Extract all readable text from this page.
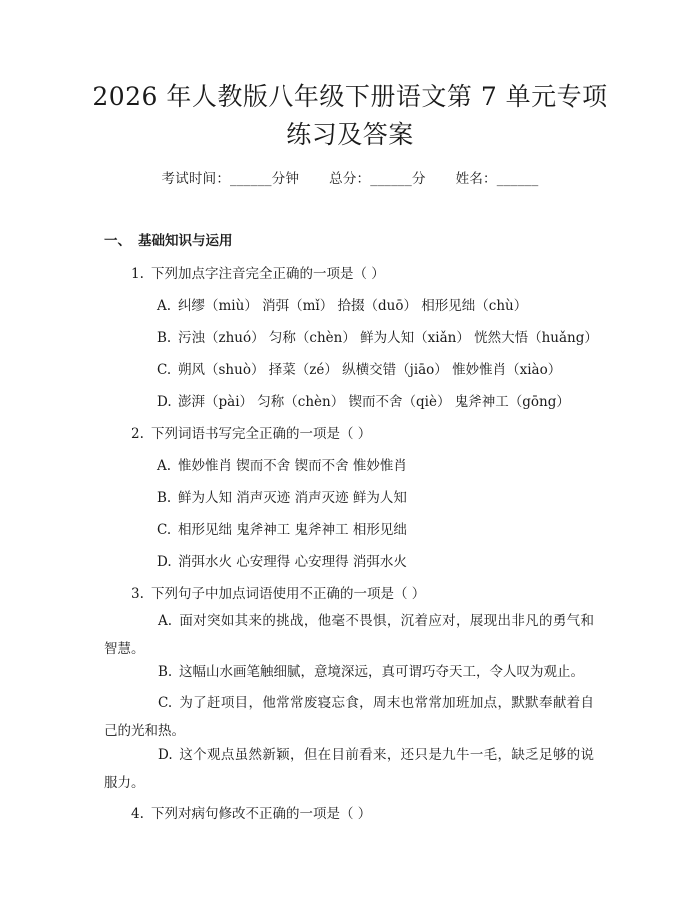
2026 年人教版八年级下册语文第 7 单元专项
练习及答案
考试时间：______分钟 总分：______分 姓名：______
一、 基础知识与运用
1. 下列加点字注音完全正确的一项是（ ）
A. 纠缪（miù） 消弭（mǐ） 拾掇（duō） 相形见绌（chù）
B. 污浊（zhuó） 匀称（chèn） 鲜为人知（xiǎn） 恍然大悟（huǎng）
C. 朔风（shuò） 择菜（zé） 纵横交错（jiāo） 惟妙惟肖（xiào）
D. 澎湃（pài） 匀称（chèn） 锲而不舍（qiè） 鬼斧神工（gōng）
2. 下列词语书写完全正确的一项是（ ）
A. 惟妙惟肖 锲而不舍 锲而不舍 惟妙惟肖
B. 鲜为人知 消声灭迹 消声灭迹 鲜为人知
C. 相形见绌 鬼斧神工 鬼斧神工 相形见绌
D. 消弭水火 心安理得 心安理得 消弭水火
3. 下列句子中加点词语使用不正确的一项是（ ）
A. 面对突如其来的挑战，他毫不畏惧，沉着应对，展现出非凡的勇气和智慧。
B. 这幅山水画笔触细腻，意境深远，真可谓巧夺天工，令人叹为观止。
C. 为了赶项目，他常常废寝忘食，周末也常常加班加点，默默奉献着自己的光和热。
D. 这个观点虽然新颖，但在目前看来，还只是九牛一毛，缺乏足够的说服力。
4. 下列对病句修改不正确的一项是（ ）
